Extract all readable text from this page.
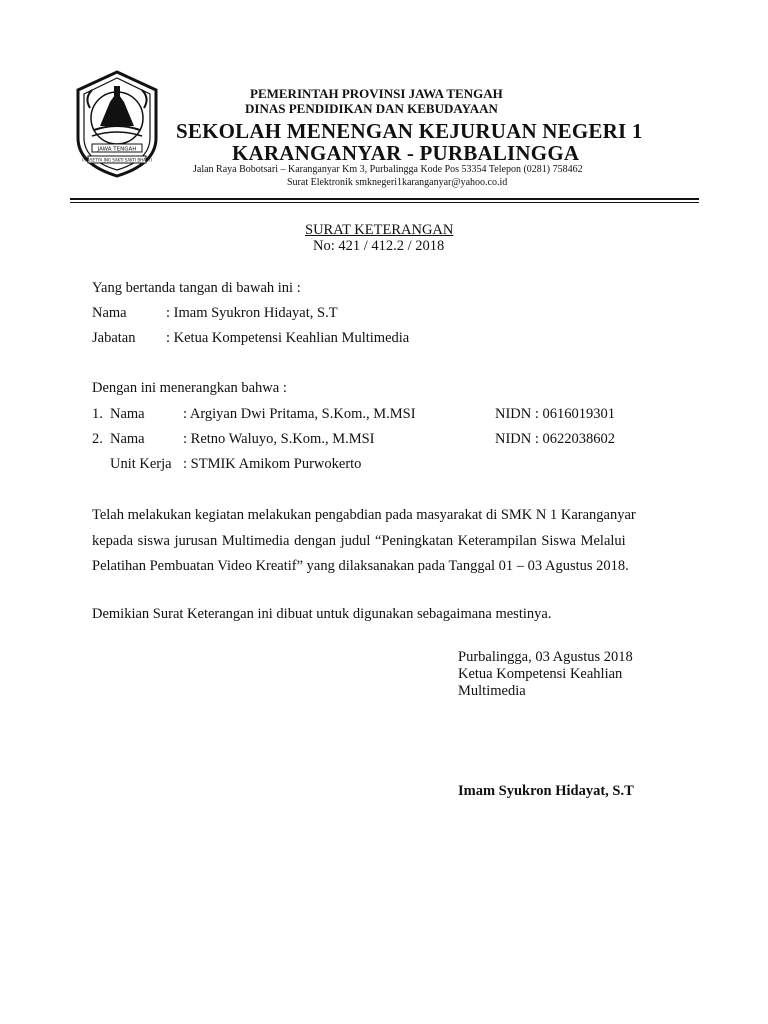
JAWA TENGAH
PRASETYA ING SAKTI SAKTI BHAKTI
PEMERINTAH PROVINSI JAWA TENGAH
DINAS PENDIDIKAN DAN KEBUDAYAAN
SEKOLAH MENENGAN KEJURUAN NEGERI 1
KARANGANYAR - PURBALINGGA
Jalan Raya Bobotsari – Karanganyar Km 3, Purbalingga Kode Pos 53354 Telepon (0281) 758462
Surat Elektronik smknegeri1karanganyar@yahoo.co.id
SURAT KETERANGAN
No: 421 / 412.2 / 2018
Yang bertanda tangan di bawah ini :
Nama	: Imam Syukron Hidayat, S.T
Jabatan : Ketua Kompetensi Keahlian Multimedia
Dengan ini menerangkan bahwa :
1. Nama	: Argiyan Dwi Pritama, S.Kom., M.MSI	NIDN : 0616019301
2. Nama	: Retno Waluyo, S.Kom., M.MSI	NIDN : 0622038602
Unit Kerja : STMIK Amikom Purwokerto
Telah melakukan kegiatan melakukan pengabdian pada masyarakat di SMK N 1 Karanganyar
kepada siswa jurusan Multimedia dengan judul “Peningkatan Keterampilan Siswa Melalui
Pelatihan Pembuatan Video Kreatif” yang dilaksanakan pada Tanggal 01 – 03 Agustus 2018.
Demikian Surat Keterangan ini dibuat untuk digunakan sebagaimana mestinya.
Purbalingga, 03 Agustus 2018
Ketua Kompetensi Keahlian
Multimedia
Imam Syukron Hidayat, S.T
